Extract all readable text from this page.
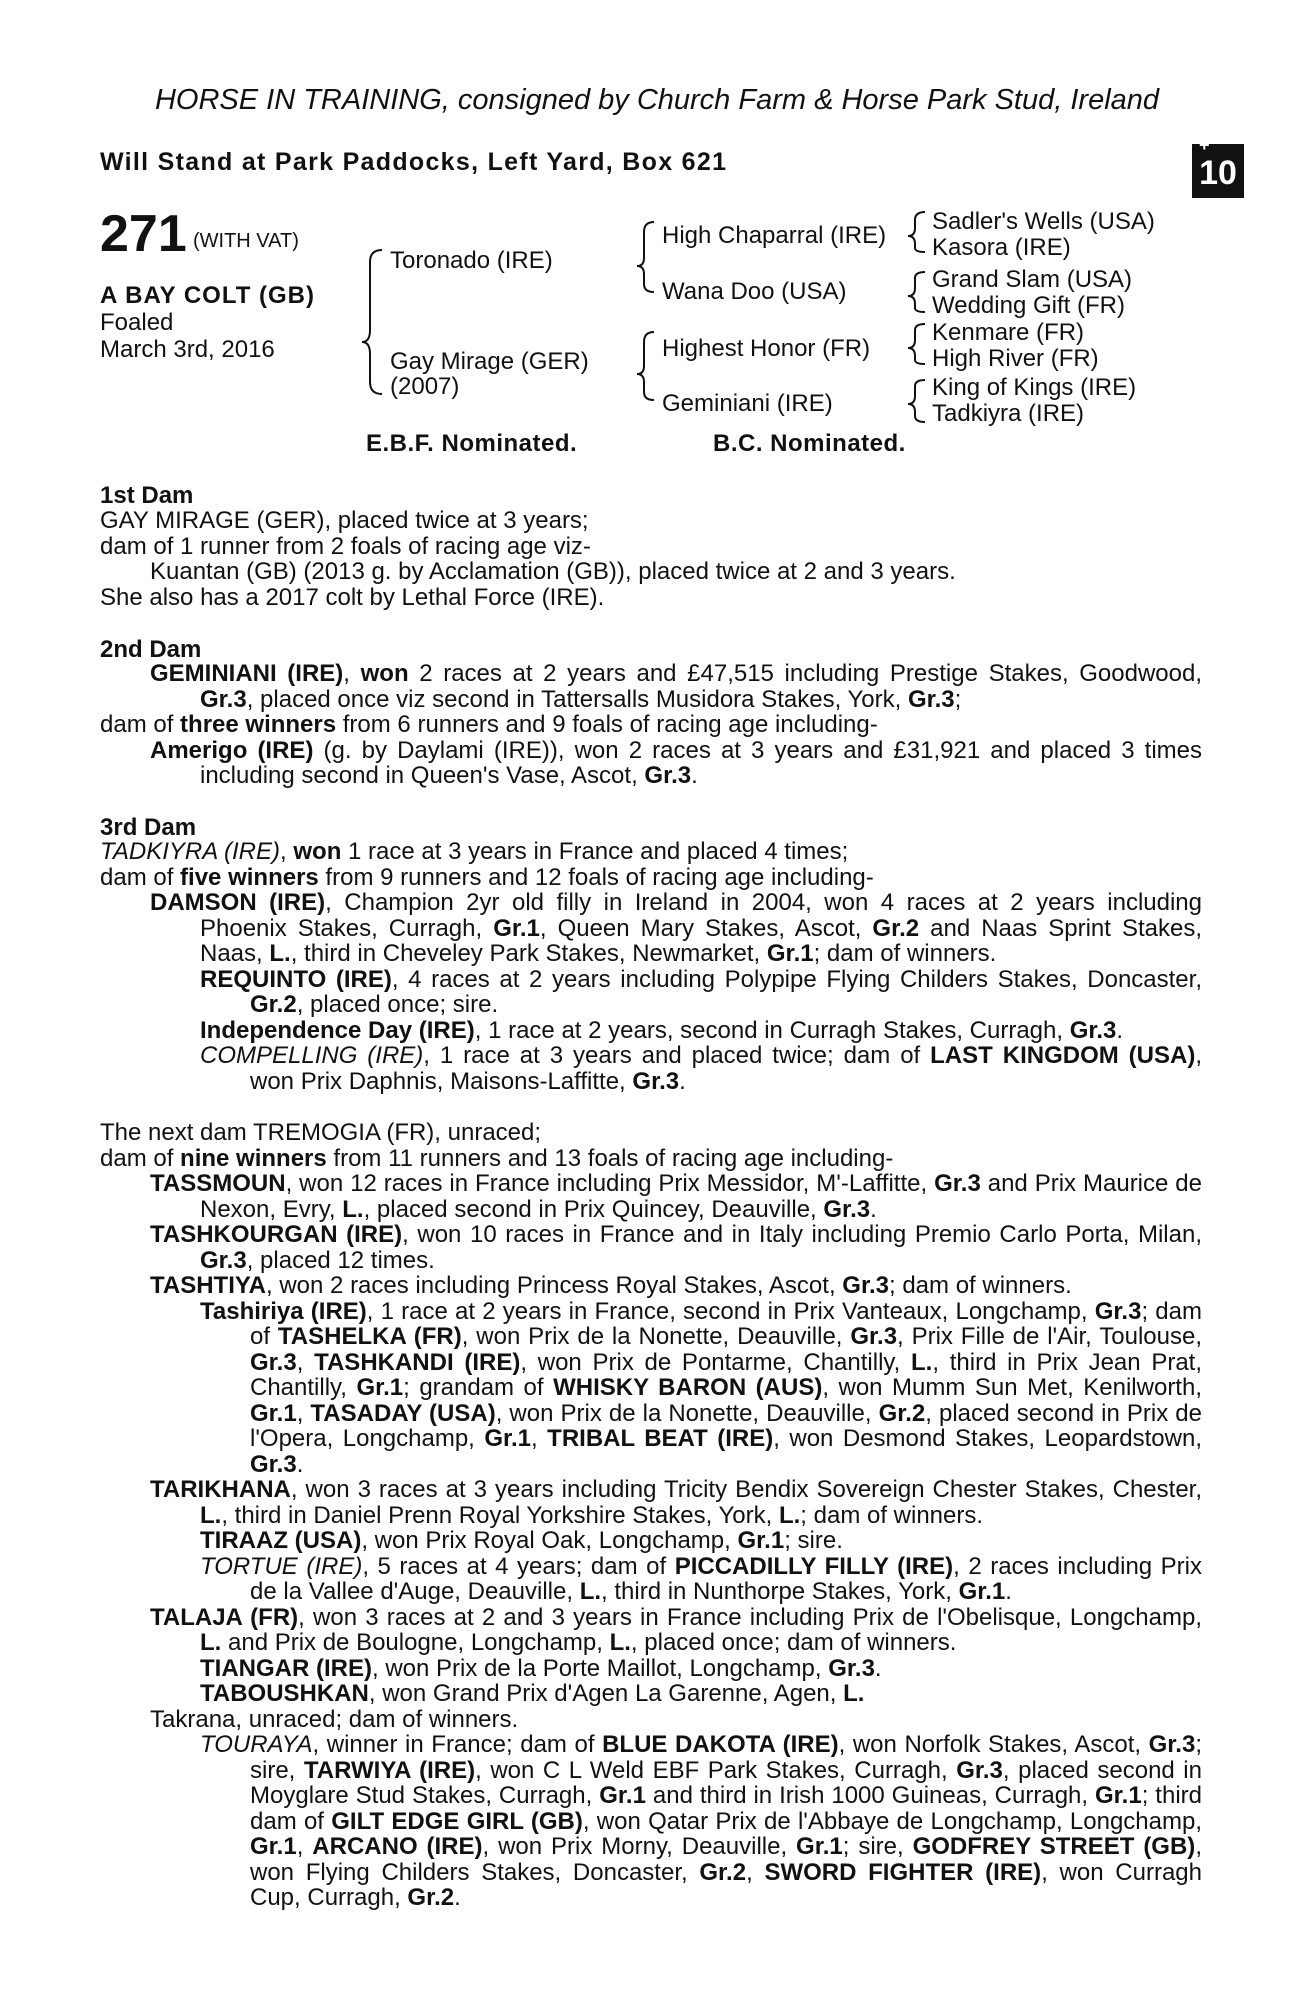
HORSE IN TRAINING, consigned by Church Farm & Horse Park Stud, Ireland
Will Stand at Park Paddocks, Left Yard, Box 621
+
10
271 (WITH VAT)
A BAY COLT (GB)
Foaled
March 3rd, 2016
Toronado (IRE)
Gay Mirage (GER)
(2007)
High Chaparral (IRE)
Wana Doo (USA)
Highest Honor (FR)
Geminiani (IRE)
Sadler's Wells (USA)
Kasora (IRE)
Grand Slam (USA)
Wedding Gift (FR)
Kenmare (FR)
High River (FR)
King of Kings (IRE)
Tadkiyra (IRE)
E.B.F. Nominated.	B.C. Nominated.
1st Dam

GAY MIRAGE (GER), placed twice at 3 years;

dam of 1 runner from 2 foals of racing age viz-

Kuantan (GB) (2013 g. by Acclamation (GB)), placed twice at 2 and 3 years.

She also has a 2017 colt by Lethal Force (IRE).

2nd Dam

GEMINIANI (IRE), won 2 races at 2 years and £47,515 including Prestige Stakes, Goodwood, Gr.3, placed once viz second in Tattersalls Musidora Stakes, York, Gr.3;

dam of three winners from 6 runners and 9 foals of racing age including-

Amerigo (IRE) (g. by Daylami (IRE)), won 2 races at 3 years and £31,921 and placed 3 times including second in Queen's Vase, Ascot, Gr.3.

3rd Dam

TADKIYRA (IRE), won 1 race at 3 years in France and placed 4 times;

dam of five winners from 9 runners and 12 foals of racing age including-

DAMSON (IRE), Champion 2yr old filly in Ireland in 2004, won 4 races at 2 years including Phoenix Stakes, Curragh, Gr.1, Queen Mary Stakes, Ascot, Gr.2 and Naas Sprint Stakes, Naas, L., third in Cheveley Park Stakes, Newmarket, Gr.1; dam of winners.

REQUINTO (IRE), 4 races at 2 years including Polypipe Flying Childers Stakes, Doncaster, Gr.2, placed once; sire.

Independence Day (IRE), 1 race at 2 years, second in Curragh Stakes, Curragh, Gr.3.

COMPELLING (IRE), 1 race at 3 years and placed twice; dam of LAST KINGDOM (USA), won Prix Daphnis, Maisons-Laffitte, Gr.3.

The next dam TREMOGIA (FR), unraced;

dam of nine winners from 11 runners and 13 foals of racing age including-

TASSMOUN, won 12 races in France including Prix Messidor, M'-Laffitte, Gr.3 and Prix Maurice de Nexon, Evry, L., placed second in Prix Quincey, Deauville, Gr.3.

TASHKOURGAN (IRE), won 10 races in France and in Italy including Premio Carlo Porta, Milan, Gr.3, placed 12 times.

TASHTIYA, won 2 races including Princess Royal Stakes, Ascot, Gr.3; dam of winners.

Tashiriya (IRE), 1 race at 2 years in France, second in Prix Vanteaux, Longchamp, Gr.3; dam of TASHELKA (FR), won Prix de la Nonette, Deauville, Gr.3, Prix Fille de l'Air, Toulouse, Gr.3, TASHKANDI (IRE), won Prix de Pontarme, Chantilly, L., third in Prix Jean Prat, Chantilly, Gr.1; grandam of WHISKY BARON (AUS), won Mumm Sun Met, Kenilworth, Gr.1, TASADAY (USA), won Prix de la Nonette, Deauville, Gr.2, placed second in Prix de l'Opera, Longchamp, Gr.1, TRIBAL BEAT (IRE), won Desmond Stakes, Leopardstown, Gr.3.

TARIKHANA, won 3 races at 3 years including Tricity Bendix Sovereign Chester Stakes, Chester, L., third in Daniel Prenn Royal Yorkshire Stakes, York, L.; dam of winners.

TIRAAZ (USA), won Prix Royal Oak, Longchamp, Gr.1; sire.

TORTUE (IRE), 5 races at 4 years; dam of PICCADILLY FILLY (IRE), 2 races including Prix de la Vallee d'Auge, Deauville, L., third in Nunthorpe Stakes, York, Gr.1.

TALAJA (FR), won 3 races at 2 and 3 years in France including Prix de l'Obelisque, Longchamp, L. and Prix de Boulogne, Longchamp, L., placed once; dam of winners.

TIANGAR (IRE), won Prix de la Porte Maillot, Longchamp, Gr.3.

TABOUSHKAN, won Grand Prix d'Agen La Garenne, Agen, L.

Takrana, unraced; dam of winners.

TOURAYA, winner in France; dam of BLUE DAKOTA (IRE), won Norfolk Stakes, Ascot, Gr.3; sire, TARWIYA (IRE), won C L Weld EBF Park Stakes, Curragh, Gr.3, placed second in Moyglare Stud Stakes, Curragh, Gr.1 and third in Irish 1000 Guineas, Curragh, Gr.1; third dam of GILT EDGE GIRL (GB), won Qatar Prix de l'Abbaye de Longchamp, Longchamp, Gr.1, ARCANO (IRE), won Prix Morny, Deauville, Gr.1; sire, GODFREY STREET (GB), won Flying Childers Stakes, Doncaster, Gr.2, SWORD FIGHTER (IRE), won Curragh Cup, Curragh, Gr.2.
